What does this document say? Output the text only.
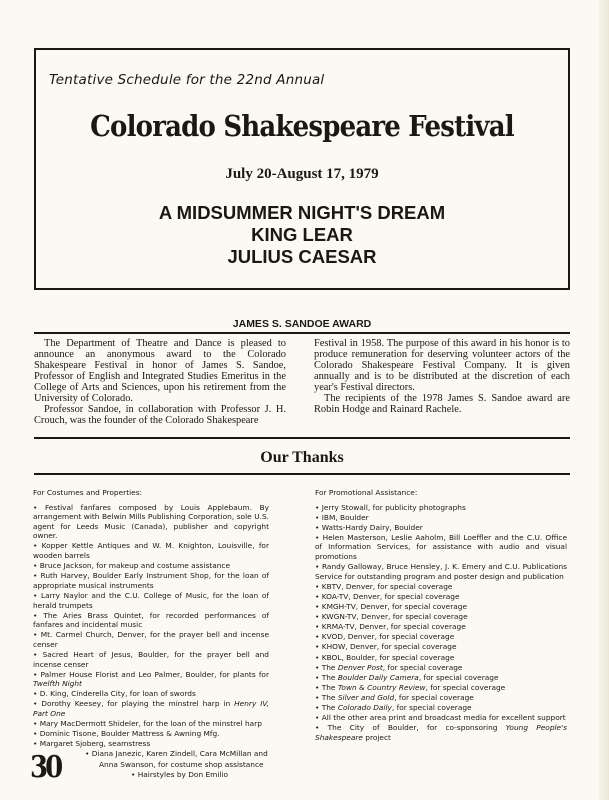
Tentative Schedule for the 22nd Annual
Colorado Shakespeare Festival
July 20-August 17, 1979
A MIDSUMMER NIGHT'S DREAM
KING LEAR
JULIUS CAESAR
JAMES S. SANDOE AWARD

The Department of Theatre and Dance is pleased to announce an anonymous award to the Colorado Shakespeare Festival in honor of James S. Sandoe, Professor of English and Integrated Studies Emeritus in the College of Arts and Sciences, upon his retirement from the University of Colorado.

Professor Sandoe, in collaboration with Professor J. H. Crouch, was the founder of the Colorado Shakespeare

Festival in 1958. The purpose of this award in his honor is to produce remuneration for deserving volunteer actors of the Colorado Shakespeare Festival Company. It is given annually and is to be distributed at the discretion of each year's Festival directors.

The recipients of the 1978 James S. Sandoe award are Robin Hodge and Rainard Rachele.

Our Thanks
For Costumes and Properties:
• Festival fanfares composed by Louis Applebaum. By arrangement with Belwin Mills Publishing Corporation, sole U.S. agent for Leeds Music (Canada), publisher and copyright owner.
• Kopper Kettle Antiques and W. M. Knighton, Louisville, for wooden barrels
• Bruce Jackson, for makeup and costume assistance
• Ruth Harvey, Boulder Early Instrument Shop, for the loan of appropriate musical instruments
• Larry Naylor and the C.U. College of Music, for the loan of herald trumpets
• The Aries Brass Quintet, for recorded performances of fanfares and incidental music
• Mt. Carmel Church, Denver, for the prayer bell and incense censer
• Sacred Heart of Jesus, Boulder, for the prayer bell and incense censer
• Palmer House Florist and Leo Palmer, Boulder, for plants for Twelfth Night
• D. King, Cinderella City, for loan of swords
• Dorothy Keesey, for playing the minstrel harp in Henry IV, Part One
• Mary MacDermott Shideler, for the loan of the minstrel harp
• Dominic Tisone, Boulder Mattress & Awning Mfg.
• Margaret Sjoberg, seamstress
• Diana Janezic, Karen Zindell, Cara McMillan and
Anna Swanson, for costume shop assistance
• Hairstyles by Don Emilio
For Promotional Assistance:
• Jerry Stowall, for publicity photographs
• IBM, Boulder
• Watts-Hardy Dairy, Boulder
• Helen Masterson, Leslie Aaholm, Bill Loeffler and the C.U. Office of Information Services, for assistance with audio and visual promotions
• Randy Galloway, Bruce Hensley, J. K. Emery and C.U. Publications Service for outstanding program and poster design and publication
• KBTV, Denver, for special coverage
• KOA-TV, Denver, for special coverage
• KMGH-TV, Denver, for special coverage
• KWGN-TV, Denver, for special coverage
• KRMA-TV, Denver, for special coverage
• KVOD, Denver, for special coverage
• KHOW, Denver, for special coverage
• KBOL, Boulder, for special coverage
• The Denver Post, for special coverage
• The Boulder Daily Camera, for special coverage
• The Town & Country Review, for special coverage
• The Silver and Gold, for special coverage
• The Colorado Daily, for special coverage
• All the other area print and broadcast media for excellent support
• The City of Boulder, for co-sponsoring Young People's Shakespeare project
30
